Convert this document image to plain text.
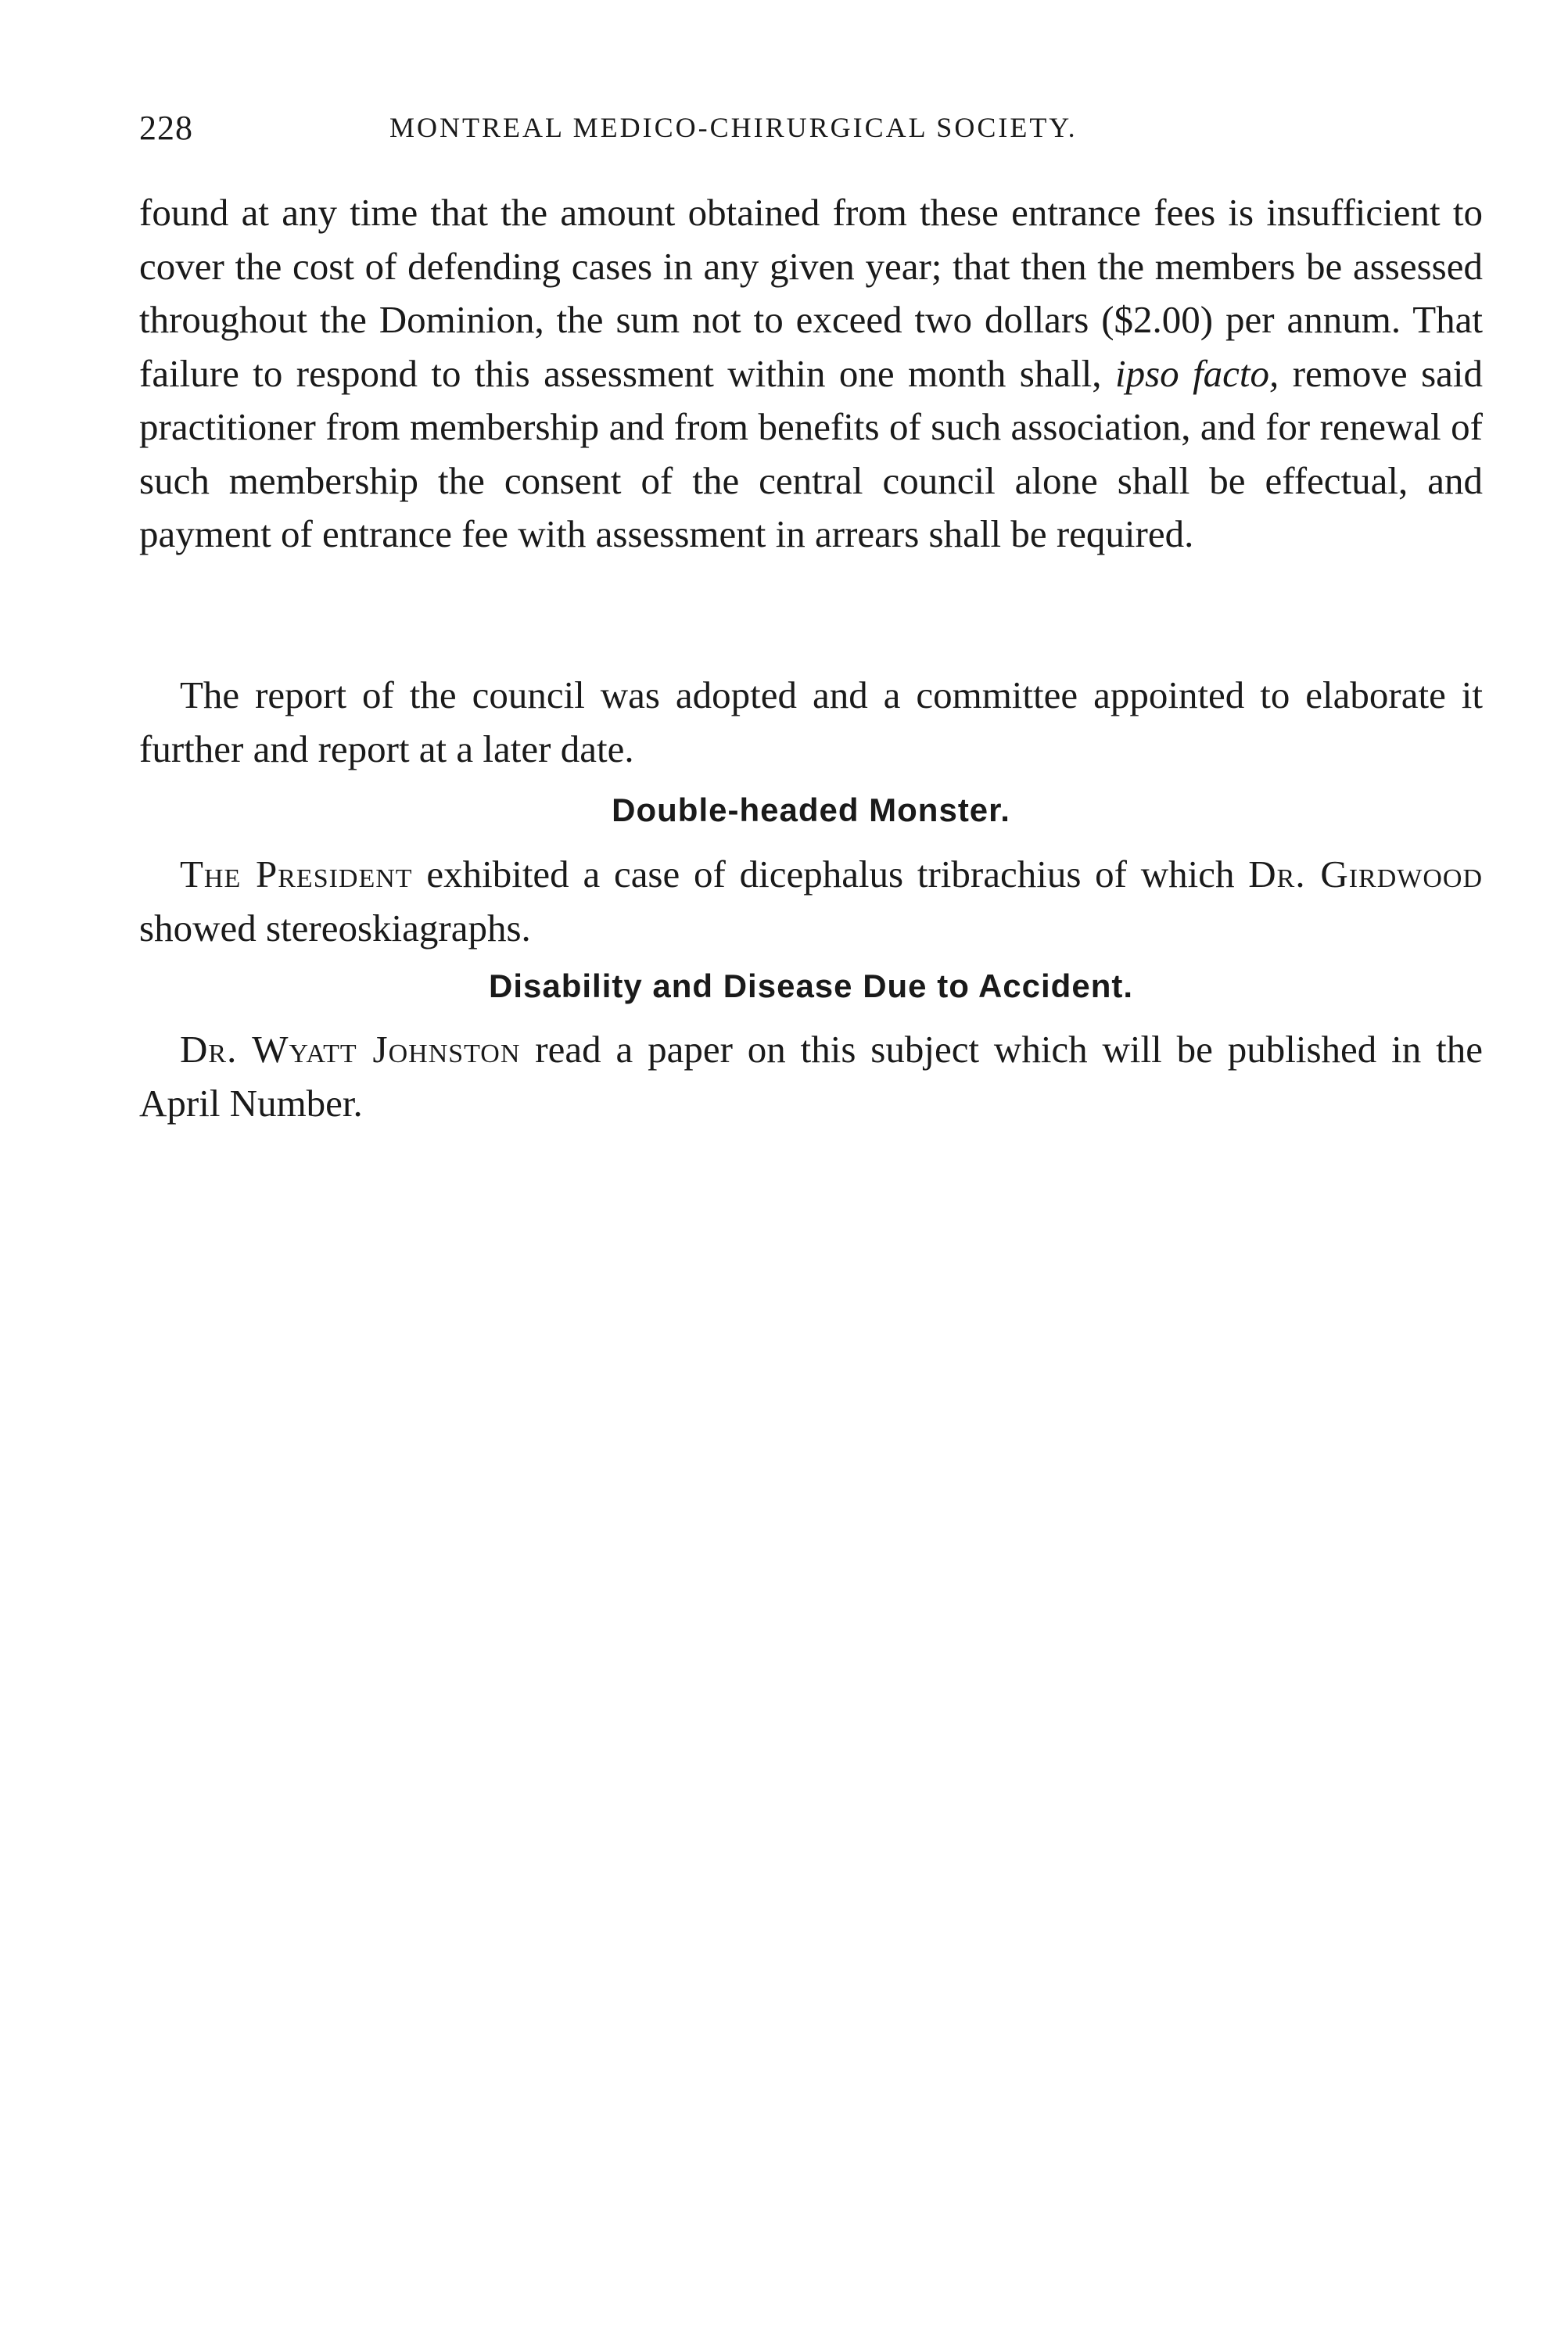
228	MONTREAL MEDICO-CHIRURGICAL SOCIETY.

found at any time that the amount obtained from these entrance fees is insufficient to cover the cost of defending cases in any given year; that then the members be assessed throughout the Dominion, the sum not to exceed two dollars ($2.00) per annum. That failure to respond to this assessment within one month shall, ipso facto, remove said practitioner from membership and from benefits of such association, and for renewal of such membership the consent of the central council alone shall be effectual, and payment of entrance fee with assessment in arrears shall be required.

The report of the council was adopted and a committee appointed to elaborate it further and report at a later date.

Double-headed Monster.

The President exhibited a case of dicephalus tribrachius of which Dr. Girdwood showed stereoskiagraphs.

Disability and Disease Due to Accident.

Dr. Wyatt Johnston read a paper on this subject which will be published in the April Number.
